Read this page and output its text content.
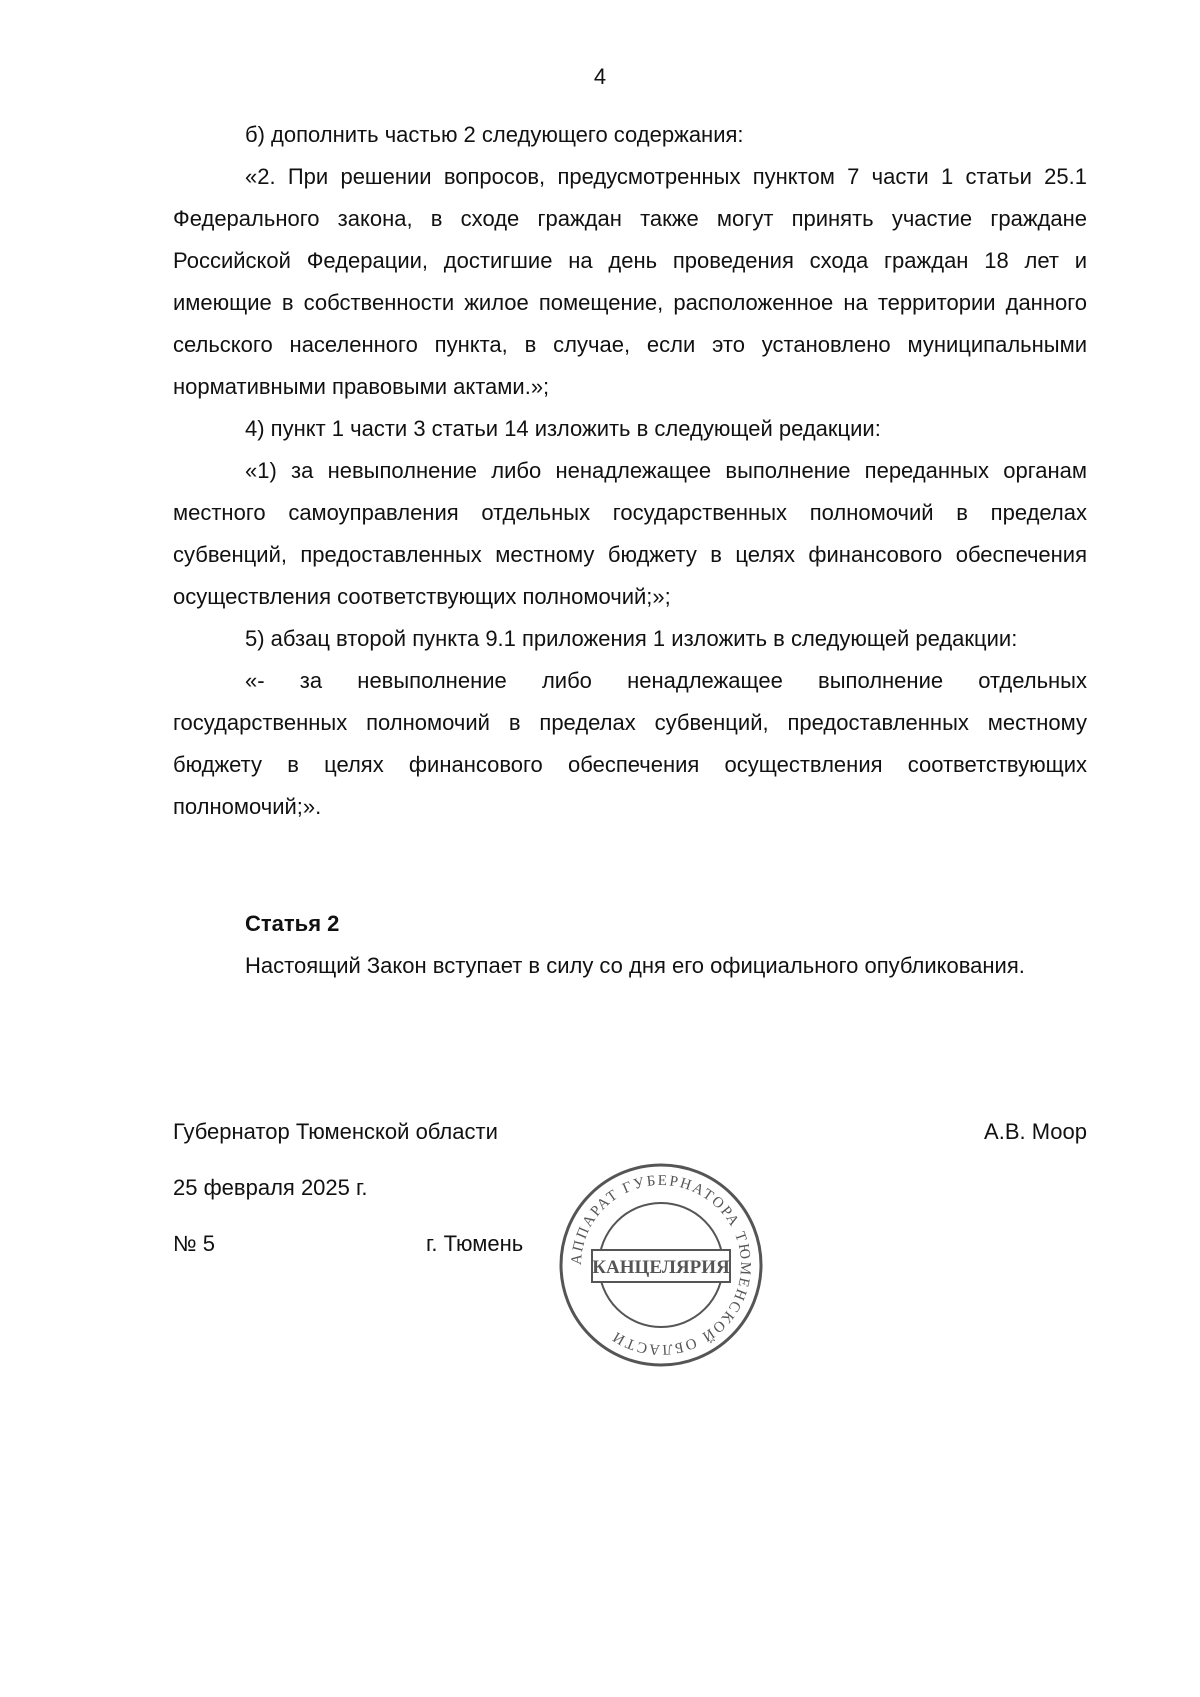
4

б) дополнить частью 2 следующего содержания:

«2. При решении вопросов, предусмотренных пунктом 7 части 1 статьи 25.1 Федерального закона, в сходе граждан также могут принять участие граждане Российской Федерации, достигшие на день проведения схода граждан 18 лет и имеющие в собственности жилое помещение, расположенное на территории данного сельского населенного пункта, в случае, если это установлено муниципальными нормативными правовыми актами.»;

4) пункт 1 части 3 статьи 14 изложить в следующей редакции:

«1) за невыполнение либо ненадлежащее выполнение переданных органам местного самоуправления отдельных государственных полномочий в пределах субвенций, предоставленных местному бюджету в целях финансового обеспечения осуществления соответствующих полномочий;»;

5) абзац второй пункта 9.1 приложения 1 изложить в следующей редакции:

«- за невыполнение либо ненадлежащее выполнение отдельных государственных полномочий в пределах субвенций, предоставленных местному бюджету в целях финансового обеспечения осуществления соответствующих полномочий;».

Статья 2

Настоящий Закон вступает в силу со дня его официального опубликования.

Губернатор Тюменской области	А.В. Моор

25 февраля 2025 г.

№ 5	г. Тюмень

АППАРАТ ГУБЕРНАТОРА ТЮМЕНСКОЙ ОБЛАСТИ
КАНЦЕЛЯРИЯ
